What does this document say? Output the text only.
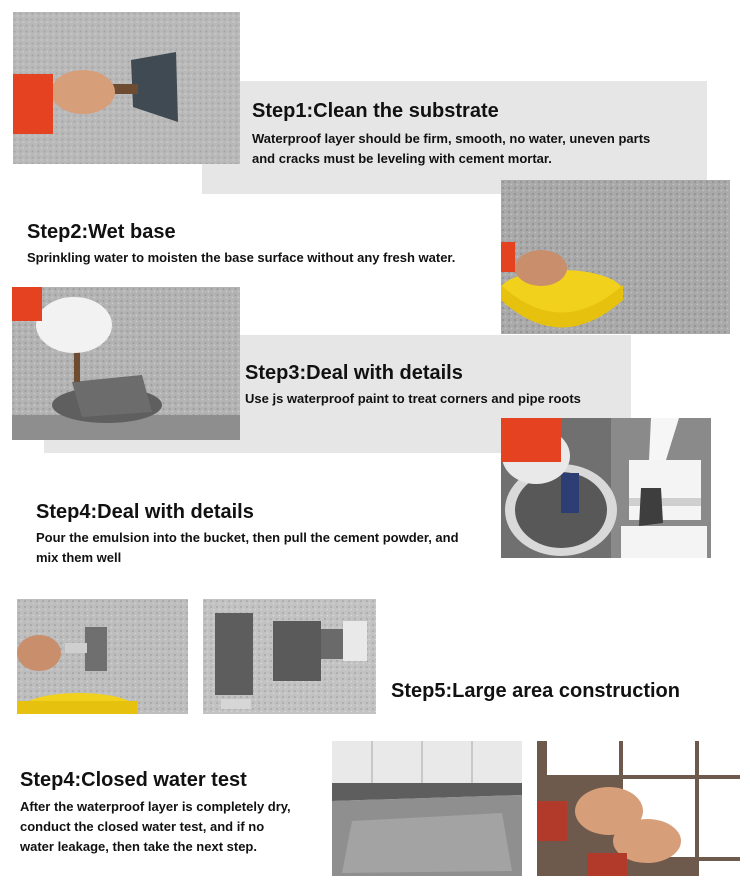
Step1:Clean the substrate
Waterproof layer should be firm, smooth, no water, uneven parts
and cracks must be leveling with cement mortar.
Step2:Wet base
Sprinkling water to moisten the base surface without any fresh water.
Step3:Deal with details
Use js waterproof paint to treat corners and pipe roots
Step4:Deal with details
Pour the emulsion into the bucket, then pull the cement powder, and
mix them well
Step5:Large area construction
Step4:Closed water test
After the waterproof layer is completely dry,
conduct the closed water test, and if no
water leakage, then take the next step.
